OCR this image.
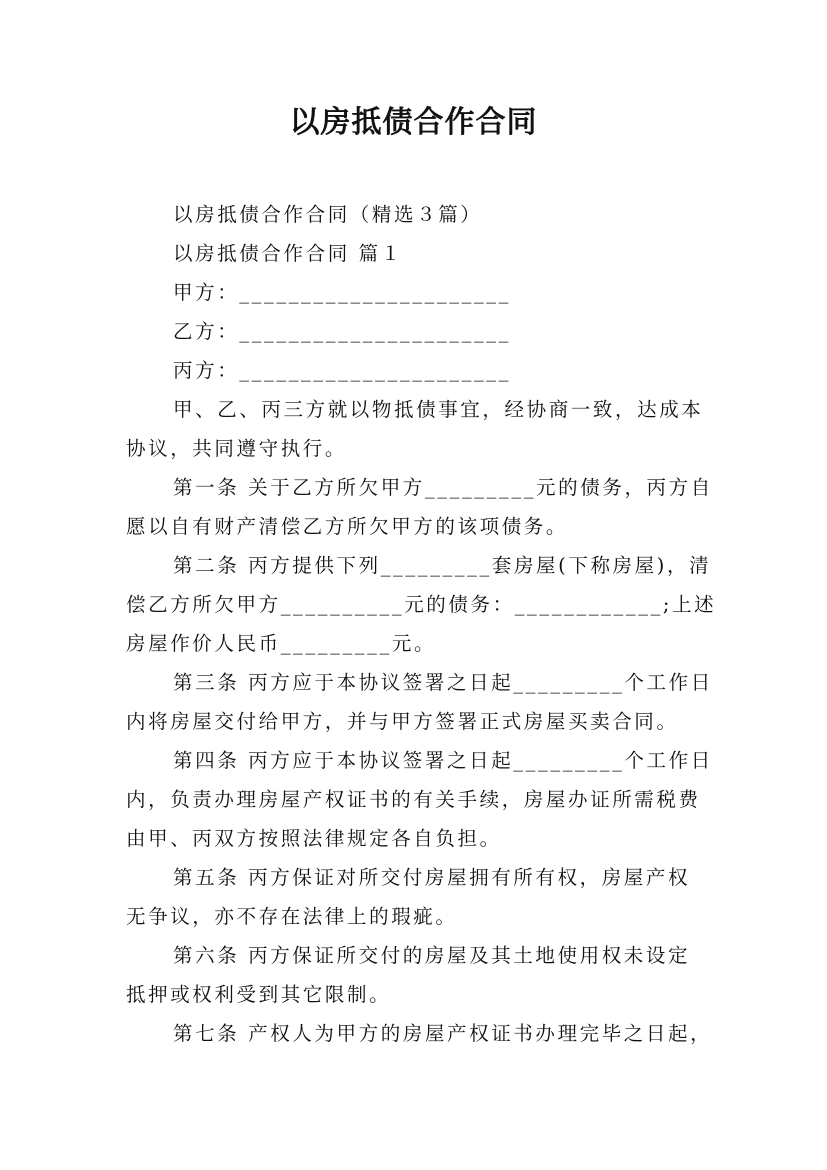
以房抵债合作合同
以房抵债合作合同（精选３篇）
以房抵债合作合同 篇１
甲方：______________________
乙方：______________________
丙方：______________________
甲、乙、丙三方就以物抵债事宜，经协商一致，达成本
协议，共同遵守执行。
第一条 关于乙方所欠甲方_________元的债务，丙方自
愿以自有财产清偿乙方所欠甲方的该项债务。
第二条 丙方提供下列_________套房屋(下称房屋)，清
偿乙方所欠甲方__________元的债务：____________;上述
房屋作价人民币_________元。
第三条 丙方应于本协议签署之日起_________个工作日
内将房屋交付给甲方，并与甲方签署正式房屋买卖合同。
第四条 丙方应于本协议签署之日起_________个工作日
内，负责办理房屋产权证书的有关手续，房屋办证所需税费
由甲、丙双方按照法律规定各自负担。
第五条 丙方保证对所交付房屋拥有所有权，房屋产权
无争议，亦不存在法律上的瑕疵。
第六条 丙方保证所交付的房屋及其土地使用权未设定
抵押或权利受到其它限制。
第七条 产权人为甲方的房屋产权证书办理完毕之日起，
